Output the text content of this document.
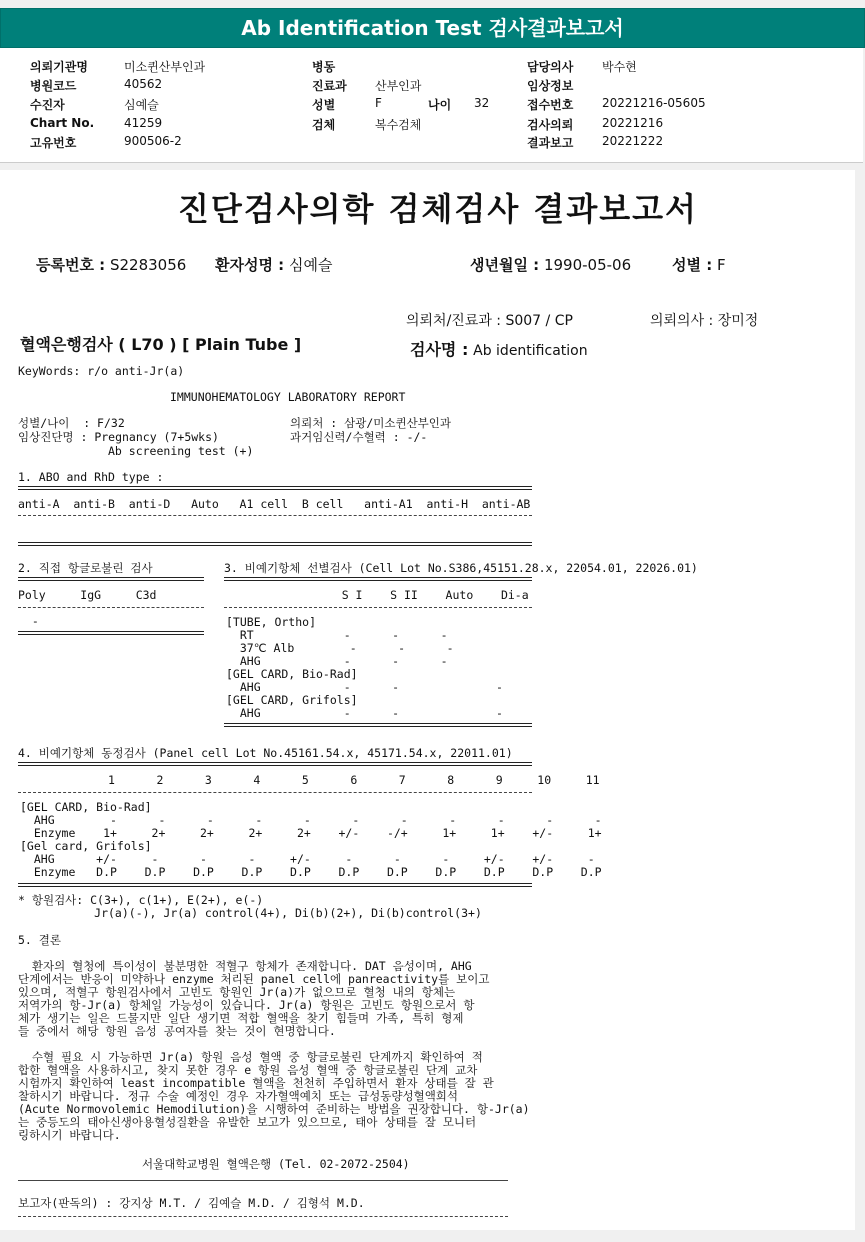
Ab Identification Test 검사결과보고서
의뢰기관명	미소퀸산부인과
병원코드	40562
수진자	심예슬
Chart No. 41259
고유번호	900506-2
병동
진료과 산부인과
성별	F	나이 32
검체	복수검체
담당의사 박수현
임상정보
접수번호 20221216-05605
검사의뢰 20221216
결과보고 20221222
진단검사의학 검체검사 결과보고서
등록번호 : S2283056 환자성명 : 심예슬	생년월일 : 1990-05-06	성별 : F
의뢰처/진료과 : S007 / CP	의뢰의사 : 장미정
혈액은행검사 ( L70 ) [ Plain Tube ]	검사명 : Ab identification
KeyWords: r/o anti-Jr(a)
IMMUNOHEMATOLOGY LABORATORY REPORT
성별/나이  : F/32
임상진단명 : Pregnancy (7+5wks)
Ab screening test (+)
의뢰처 : 삼광/미소퀸산부인과
과거임신력/수혈력 : -/-
1. ABO and RhD type :
anti-A  anti-B  anti-D   Auto   A1 cell  B cell   anti-A1  anti-H  anti-AB
2. 직접 항글로불린 검사
Poly     IgG     C3d
-
3. 비예기항체 선별검사 (Cell Lot No.S386,45151.28.x, 22054.01, 22026.01)
S I    S II    Auto    Di-a
[TUBE, Ortho]
RT             -      -      -
37℃ Alb        -      -      -
AHG            -      -      -
[GEL CARD, Bio-Rad]
AHG            -      -              -
[GEL CARD, Grifols]
AHG            -      -              -
4. 비예기항체 동정검사 (Panel cell Lot No.45161.54.x, 45171.54.x, 22011.01)
1      2      3      4      5      6      7      8      9     10     11
[GEL CARD, Bio-Rad]
AHG        -      -      -      -      -      -      -      -      -      -      -
Enzyme    1+     2+     2+     2+     2+    +/-    -/+     1+     1+    +/-     1+
[Gel card, Grifols]
AHG      +/-     -      -      -     +/-     -      -      -     +/-    +/-     -
Enzyme   D.P    D.P    D.P    D.P    D.P    D.P    D.P    D.P    D.P    D.P    D.P
* 항원검사: C(3+), c(1+), E(2+), e(-)
Jr(a)(-), Jr(a) control(4+), Di(b)(2+), Di(b)control(3+)
5. 결론
환자의 혈청에 특이성이 불분명한 적혈구 항체가 존재합니다. DAT 음성이며, AHG
단계에서는 반응이 미약하나 enzyme 처리된 panel cell에 panreactivity를 보이고
있으며, 적혈구 항원검사에서 고빈도 항원인 Jr(a)가 없으므로 혈청 내의 항체는
저역가의 항-Jr(a) 항체일 가능성이 있습니다. Jr(a) 항원은 고빈도 항원으로서 항
체가 생기는 일은 드물지만 일단 생기면 적합 혈액을 찾기 힘들며 가족, 특히 형제
들 중에서 해당 항원 음성 공여자를 찾는 것이 현명합니다.
수혈 필요 시 가능하면 Jr(a) 항원 음성 혈액 중 항글로불린 단계까지 확인하여 적
합한 혈액을 사용하시고, 찾지 못한 경우 e 항원 음성 혈액 중 항글로불린 단계 교차
시험까지 확인하여 least incompatible 혈액을 천천히 주입하면서 환자 상태를 잘 관
찰하시기 바랍니다. 정규 수술 예정인 경우 자가혈액예치 또는 급성동량성혈액희석
(Acute Normovolemic Hemodilution)을 시행하여 준비하는 방법을 권장합니다. 항-Jr(a)
는 중등도의 태아신생아용혈성질환을 유발한 보고가 있으므로, 태아 상태를 잘 모니터
링하시기 바랍니다.
서울대학교병원 혈액은행 (Tel. 02-2072-2504)
보고자(판독의) : 강지상 M.T. / 김예슬 M.D. / 김형석 M.D.
